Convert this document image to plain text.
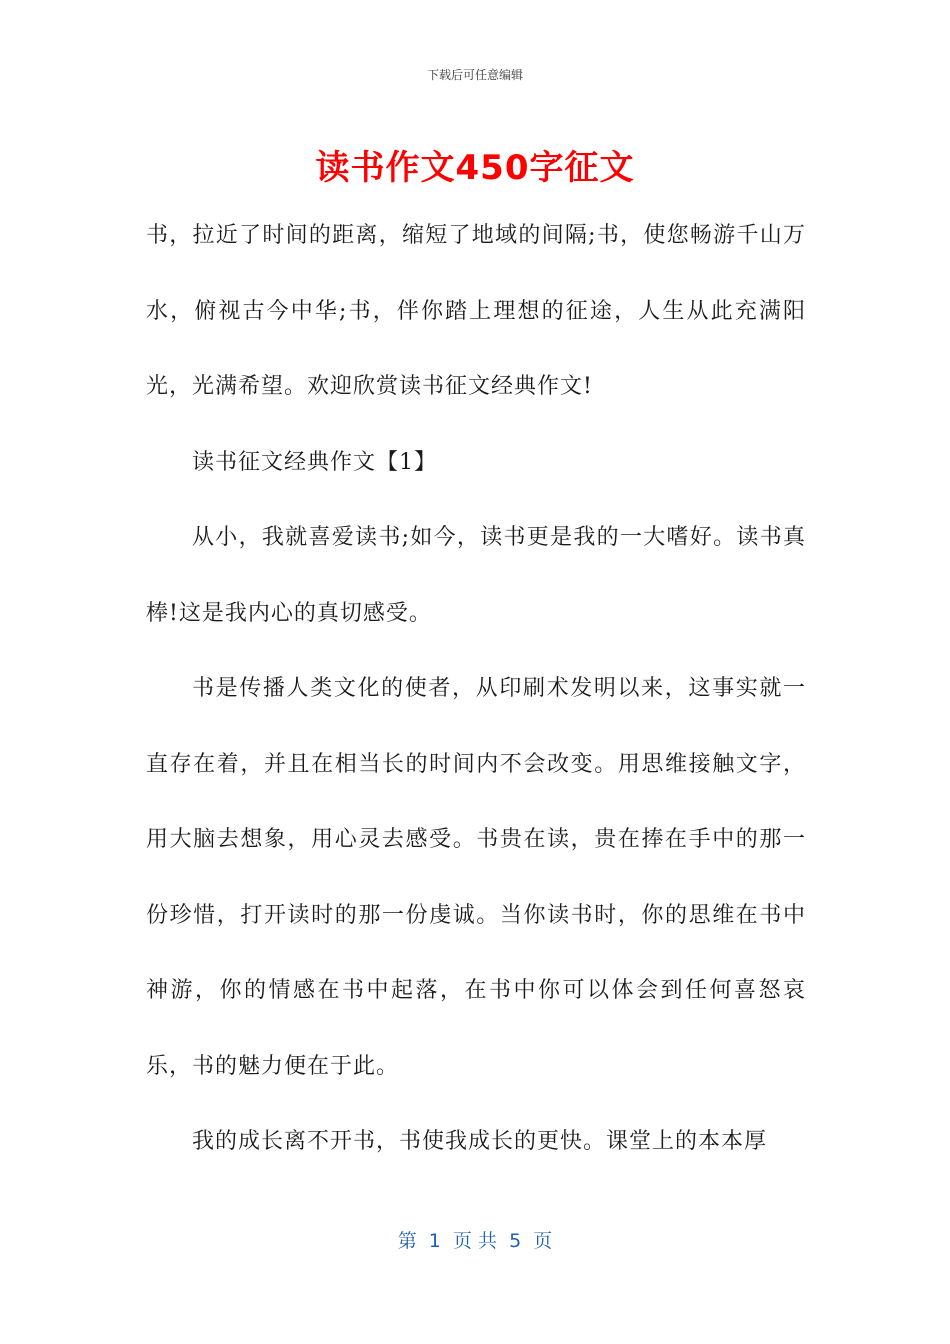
下载后可任意编辑
读书作文450字征文

书，拉近了时间的距离，缩短了地域的间隔;书，使您畅游千山万水，俯视古今中华;书，伴你踏上理想的征途，人生从此充满阳光，光满希望。欢迎欣赏读书征文经典作文!

读书征文经典作文【1】

从小，我就喜爱读书;如今，读书更是我的一大嗜好。读书真棒!这是我内心的真切感受。

书是传播人类文化的使者，从印刷术发明以来，这事实就一直存在着，并且在相当长的时间内不会改变。用思维接触文字，用大脑去想象，用心灵去感受。书贵在读，贵在捧在手中的那一份珍惜，打开读时的那一份虔诚。当你读书时，你的思维在书中神游，你的情感在书中起落，在书中你可以体会到任何喜怒哀乐，书的魅力便在于此。

我的成长离不开书，书使我成长的更快。课堂上的本本厚

第  1  页 共  5  页
